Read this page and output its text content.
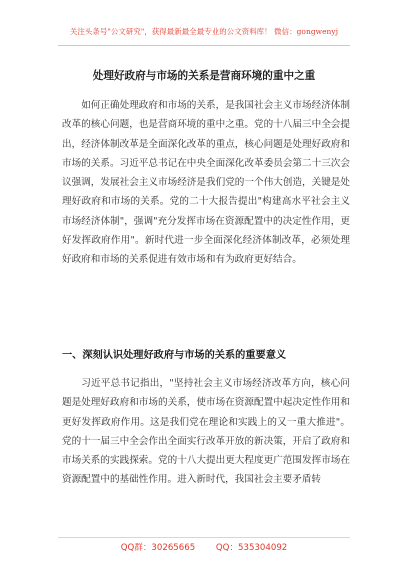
关注头条号"公文研究"，获得最新最全最专业的公文资料库！ 微信：gongwenyj
处理好政府与市场的关系是营商环境的重中之重

如何正确处理政府和市场的关系，是我国社会主义市场经济体制改革的核心问题，也是营商环境的重中之重。党的十八届三中全会提出，经济体制改革是全面深化改革的重点，核心问题是处理好政府和市场的关系。习近平总书记在中央全面深化改革委员会第二十三次会议强调，发展社会主义市场经济是我们党的一个伟大创造，关键是处理好政府和市场的关系。党的二十大报告提出"构建高水平社会主义市场经济体制"，强调"充分发挥市场在资源配置中的决定性作用，更好发挥政府作用"。新时代进一步全面深化经济体制改革，必须处理好政府和市场的关系促进有效市场和有为政府更好结合。

一、深刻认识处理好政府与市场的关系的重要意义

习近平总书记指出，"坚持社会主义市场经济改革方向，核心问题是处理好政府和市场的关系，使市场在资源配置中起决定性作用和更好发挥政府作用。这是我们党在理论和实践上的又一重大推进"。党的十一届三中全会作出全面实行改革开放的新决策，开启了政府和市场关系的实践探索。党的十八大提出更大程度更广范围发挥市场在资源配置中的基础性作用。进入新时代，我国社会主要矛盾转

QQ群：30265665 QQ：535304092
